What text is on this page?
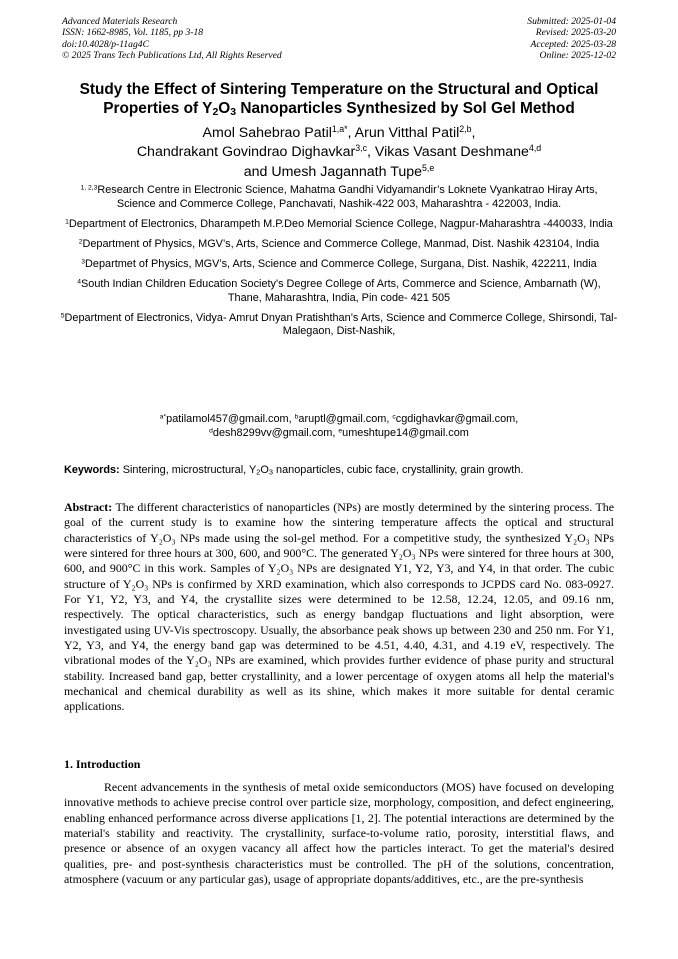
Advanced Materials Research
ISSN: 1662-8985, Vol. 1185, pp 3-18
doi:10.4028/p-11ag4C
© 2025 Trans Tech Publications Ltd, All Rights Reserved
Submitted: 2025-01-04
Revised: 2025-03-20
Accepted: 2025-03-28
Online: 2025-12-02
Study the Effect of Sintering Temperature on the Structural and Optical Properties of $Y_2O_3$ Nanoparticles Synthesized by Sol Gel Method
Amol Sahebrao Patil$^{1,a*}$, Arun Vitthal Patil$^{2,b}$,
Chandrakant Govindrao Dighavkar$^{3,c}$, Vikas Vasant Deshmane$^{4,d}$
and Umesh Jagannath Tupe$^{5,e}$

$^{1, 2,3}$Research Centre in Electronic Science, Mahatma Gandhi Vidyamandir’s Loknete Vyankatrao Hiray Arts, Science and Commerce College, Panchavati, Nashik-422 003, Maharashtra - 422003, India.

$^1$Department of Electronics, Dharampeth M.P.Deo Memorial Science College, Nagpur-Maharashtra -440033, India

$^2$Department of Physics, MGV’s, Arts, Science and Commerce College, Manmad, Dist. Nashik 423104, India

$^3$Departmet of Physics, MGV’s, Arts, Science and Commerce College, Surgana, Dist. Nashik, 422211, India

$^4$South Indian Children Education Society's Degree College of Arts, Commerce and Science, Ambarnath (W), Thane, Maharashtra, India, Pin code- 421 505

$^5$Department of Electronics, Vidya- Amrut Dnyan Pratishthan’s Arts, Science and Commerce College, Shirsondi, Tal- Malegaon, Dist-Nashik,

$^{a*}$patilamol457@gmail.com, $^b$aruptl@gmail.com, $^c$cgdighavkar@gmail.com,
$^d$desh8299vv@gmail.com, $^e$umeshtupe14@gmail.com
Keywords: Sintering, microstructural, $Y_2O_3$ nanoparticles, cubic face, crystallinity, grain growth.
Abstract: The different characteristics of nanoparticles (NPs) are mostly determined by the sintering process. The goal of the current study is to examine how the sintering temperature affects the optical and structural characteristics of Y₂O₃ NPs made using the sol-gel method. For a competitive study, the synthesized Y₂O₃ NPs were sintered for three hours at 300, 600, and 900°C. The generated Y₂O₃ NPs were sintered for three hours at 300, 600, and 900°C in this work. Samples of Y₂O₃ NPs are designated Y1, Y2, Y3, and Y4, in that order. The cubic structure of Y₂O₃ NPs is confirmed by XRD examination, which also corresponds to JCPDS card No. 083-0927. For Y1, Y2, Y3, and Y4, the crystallite sizes were determined to be 12.58, 12.24, 12.05, and 09.16 nm, respectively. The optical characteristics, such as energy bandgap fluctuations and light absorption, were investigated using UV-Vis spectroscopy. Usually, the absorbance peak shows up between 230 and 250 nm. For Y1, Y2, Y3, and Y4, the energy band gap was determined to be 4.51, 4.40, 4.31, and 4.19 eV, respectively. The vibrational modes of the Y₂O₃ NPs are examined, which provides further evidence of phase purity and structural stability. Increased band gap, better crystallinity, and a lower percentage of oxygen atoms all help the material's mechanical and chemical durability as well as its shine, which makes it more suitable for dental ceramic applications.
1. Introduction
Recent advancements in the synthesis of metal oxide semiconductors (MOS) have focused on developing innovative methods to achieve precise control over particle size, morphology, composition, and defect engineering, enabling enhanced performance across diverse applications [1, 2]. The potential interactions are determined by the material's stability and reactivity. The crystallinity, surface-to-volume ratio, porosity, interstitial flaws, and presence or absence of an oxygen vacancy all affect how the particles interact. To get the material's desired qualities, pre- and post-synthesis characteristics must be controlled. The pH of the solutions, concentration, atmosphere (vacuum or any particular gas), usage of appropriate dopants/additives, etc., are the pre-synthesis
